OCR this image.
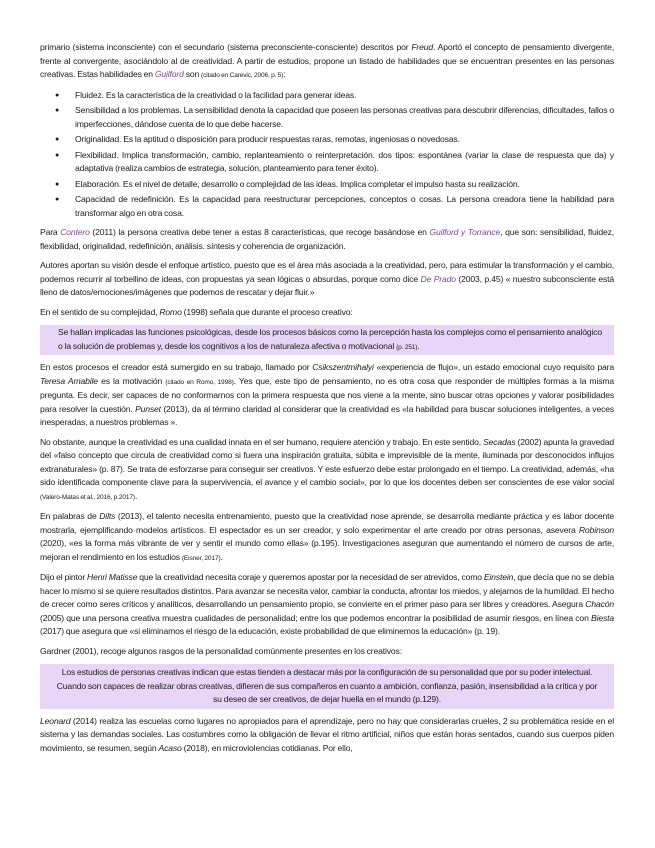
primario (sistema inconsciente) con el secundario (sistema preconsciente-consciente) descritos por Freud. Aportó el concepto de pensamiento divergente, frente al convergente, asociándolo al de creatividad. A partir de estudios, propone un listado de habilidades que se encuentran presentes en las personas creativas. Estas habilidades en Guilford son (citado en Carevic, 2006, p. 5):

● Fluidez. Es la característica de la creatividad o la facilidad para generar ideas.
● Sensibilidad a los problemas. La sensibilidad denota la capacidad que poseen las personas creativas para descubrir diferencias, dificultades, fallos o imperfecciones, dándose cuenta de lo que debe hacerse.
● Originalidad. Es la aptitud o disposición para producir respuestas raras, remotas, ingeniosas o novedosas.
● Flexibilidad. Implica transformación, cambio, replanteamiento o reinterpretación. dos tipos: espontánea (variar la clase de respuesta que da) y adaptativa (realiza cambios de estrategia, solución, planteamiento para tener éxito).
● Elaboración. Es el nivel de detalle, desarrollo o complejidad de las ideas. Implica completar el impulso hasta su realización.
● Capacidad de redefinición. Es la capacidad para reestructurar percepciones, conceptos o cosas. La persona creadora tiene la habilidad para transformar algo en otra cosa.

Para Contero (2011) la persona creativa debe tener a estas 8 características, que recoge basándose en Guilford y Torrance, que son: sensibilidad, fluidez, flexibilidad, originalidad, redefinición, análisis. síntesis y coherencia de organización.

Autores aportan su visión desde el enfoque artístico, puesto que es el área más asociada a la creatividad, pero, para estimular la transformación y el cambio, podemos recurrir al torbellino de ideas, con propuestas ya sean lógicas o absurdas, porque como dice De Prado (2003, p.45) « nuestro subconsciente está lleno de datos/emociones/imágenes que podemos de rescatar y dejar fluir.»

En el sentido de su complejidad, Romo (1998) señala que durante el proceso creativo:

Se hallan implicadas las funciones psicológicas, desde los procesos básicos como la percepción hasta los complejos como el pensamiento analógico o la solución de problemas y, desde los cognitivos a los de naturaleza afectiva o motivacional (p. 251).

En estos procesos el creador está sumergido en su trabajo, llamado por Csikszentmihalyi «experiencia de flujo», un estado emocional cuyo requisito para Teresa Amabile es la motivación (citado en Romo, 1998). Yes que, este tipo de pensamiento, no es otra cosa que responder de múltiples formas a la misma pregunta. Es decir, ser capaces de no conformarnos con la primera respuesta que nos viene a la mente, sino buscar otras opciones y valorar posibilidades para resolver la cuestión. Punset (2013), da al término claridad al considerar que la creatividad es «la habilidad para buscar soluciones inteligentes, a veces inesperadas, a nuestros problemas ».

No obstante, aunque la creatividad es una cualidad innata en el ser humano, requiere atención y trabajo. En este sentido, Secadas (2002) apunta la gravedad del «falso concepto que circula de creatividad como si fuera una inspiración gratuita, súbita e imprevisible de la mente, iluminada por desconocidos influjos extranaturales» (p. 87). Se trata de esforzarse para conseguir ser creativos. Y este esfuerzo debe estar prolongado en el tiempo. La creatividad, además, «ha sido identificada componente clave para la supervivencia, el avance y el cambio social», por lo que los docentes deben ser conscientes de ese valor social (Valero-Matas et al., 2016, p.2017).

En palabras de Dilts (2013), el talento necesita entrenamiento, puesto que la creatividad nose aprende, se desarrolla mediante práctica y es labor docente mostrarla, ejemplificando modelos artísticos. El espectador es un ser creador, y solo experimentar el arte creado por otras personas, asevera Robinson (2020), «es la forma más vibrante de ver y sentir el mundo como ellas» (p.195). Investigaciones aseguran que aumentando el número de cursos de arte, mejoran el rendimiento en los estudios (Eisner, 2017).

Dijo el pintor Henri Matisse que la creatividad necesita coraje y queremos apostar por la necesidad de ser atrevidos, como Einstein, que decía que no se debía hacer lo mismo si se quiere resultados distintos. Para avanzar se necesita valor, cambiar la conducta, afrontar los miedos, y alejarnos de la humildad. El hecho de crecer como seres críticos y analíticos, desarrollando un pensamiento propio, se convierte en el primer paso para ser libres y creadores. Asegura Chacón (2005) que una persona creativa muestra cualidades de personalidad; entre los que podemos encontrar la posibilidad de asumir riesgos, en línea con Biesta (2017) que asegura que «si eliminamos el riesgo de la educación, existe probabilidad de que eliminemos la educación» (p. 19).

Gardner (2001), recoge algunos rasgos de la personalidad comúnmente presentes en los creativos:

Los estudios de personas creativas indican que estas tienden a destacar más por la configuración de su personalidad que por su poder intelectual. Cuando son capaces de realizar obras creativas, difieren de sus compañeros en cuanto a ambición, confianza, pasión, insensibilidad a la crítica y por su deseo de ser creativos, de dejar huella en el mundo (p.129).

Leonard (2014) realiza las escuelas como lugares no apropiados para el aprendizaje, pero no hay que considerarlas crueles, 2 su problemática reside en el sistema y las demandas sociales. Las costumbres como la obligación de llevar el ritmo artificial, niños que están horas sentados, cuando sus cuerpos piden movimiento, se resumen, según Acaso (2018), en microviolencias cotidianas. Por ello,
